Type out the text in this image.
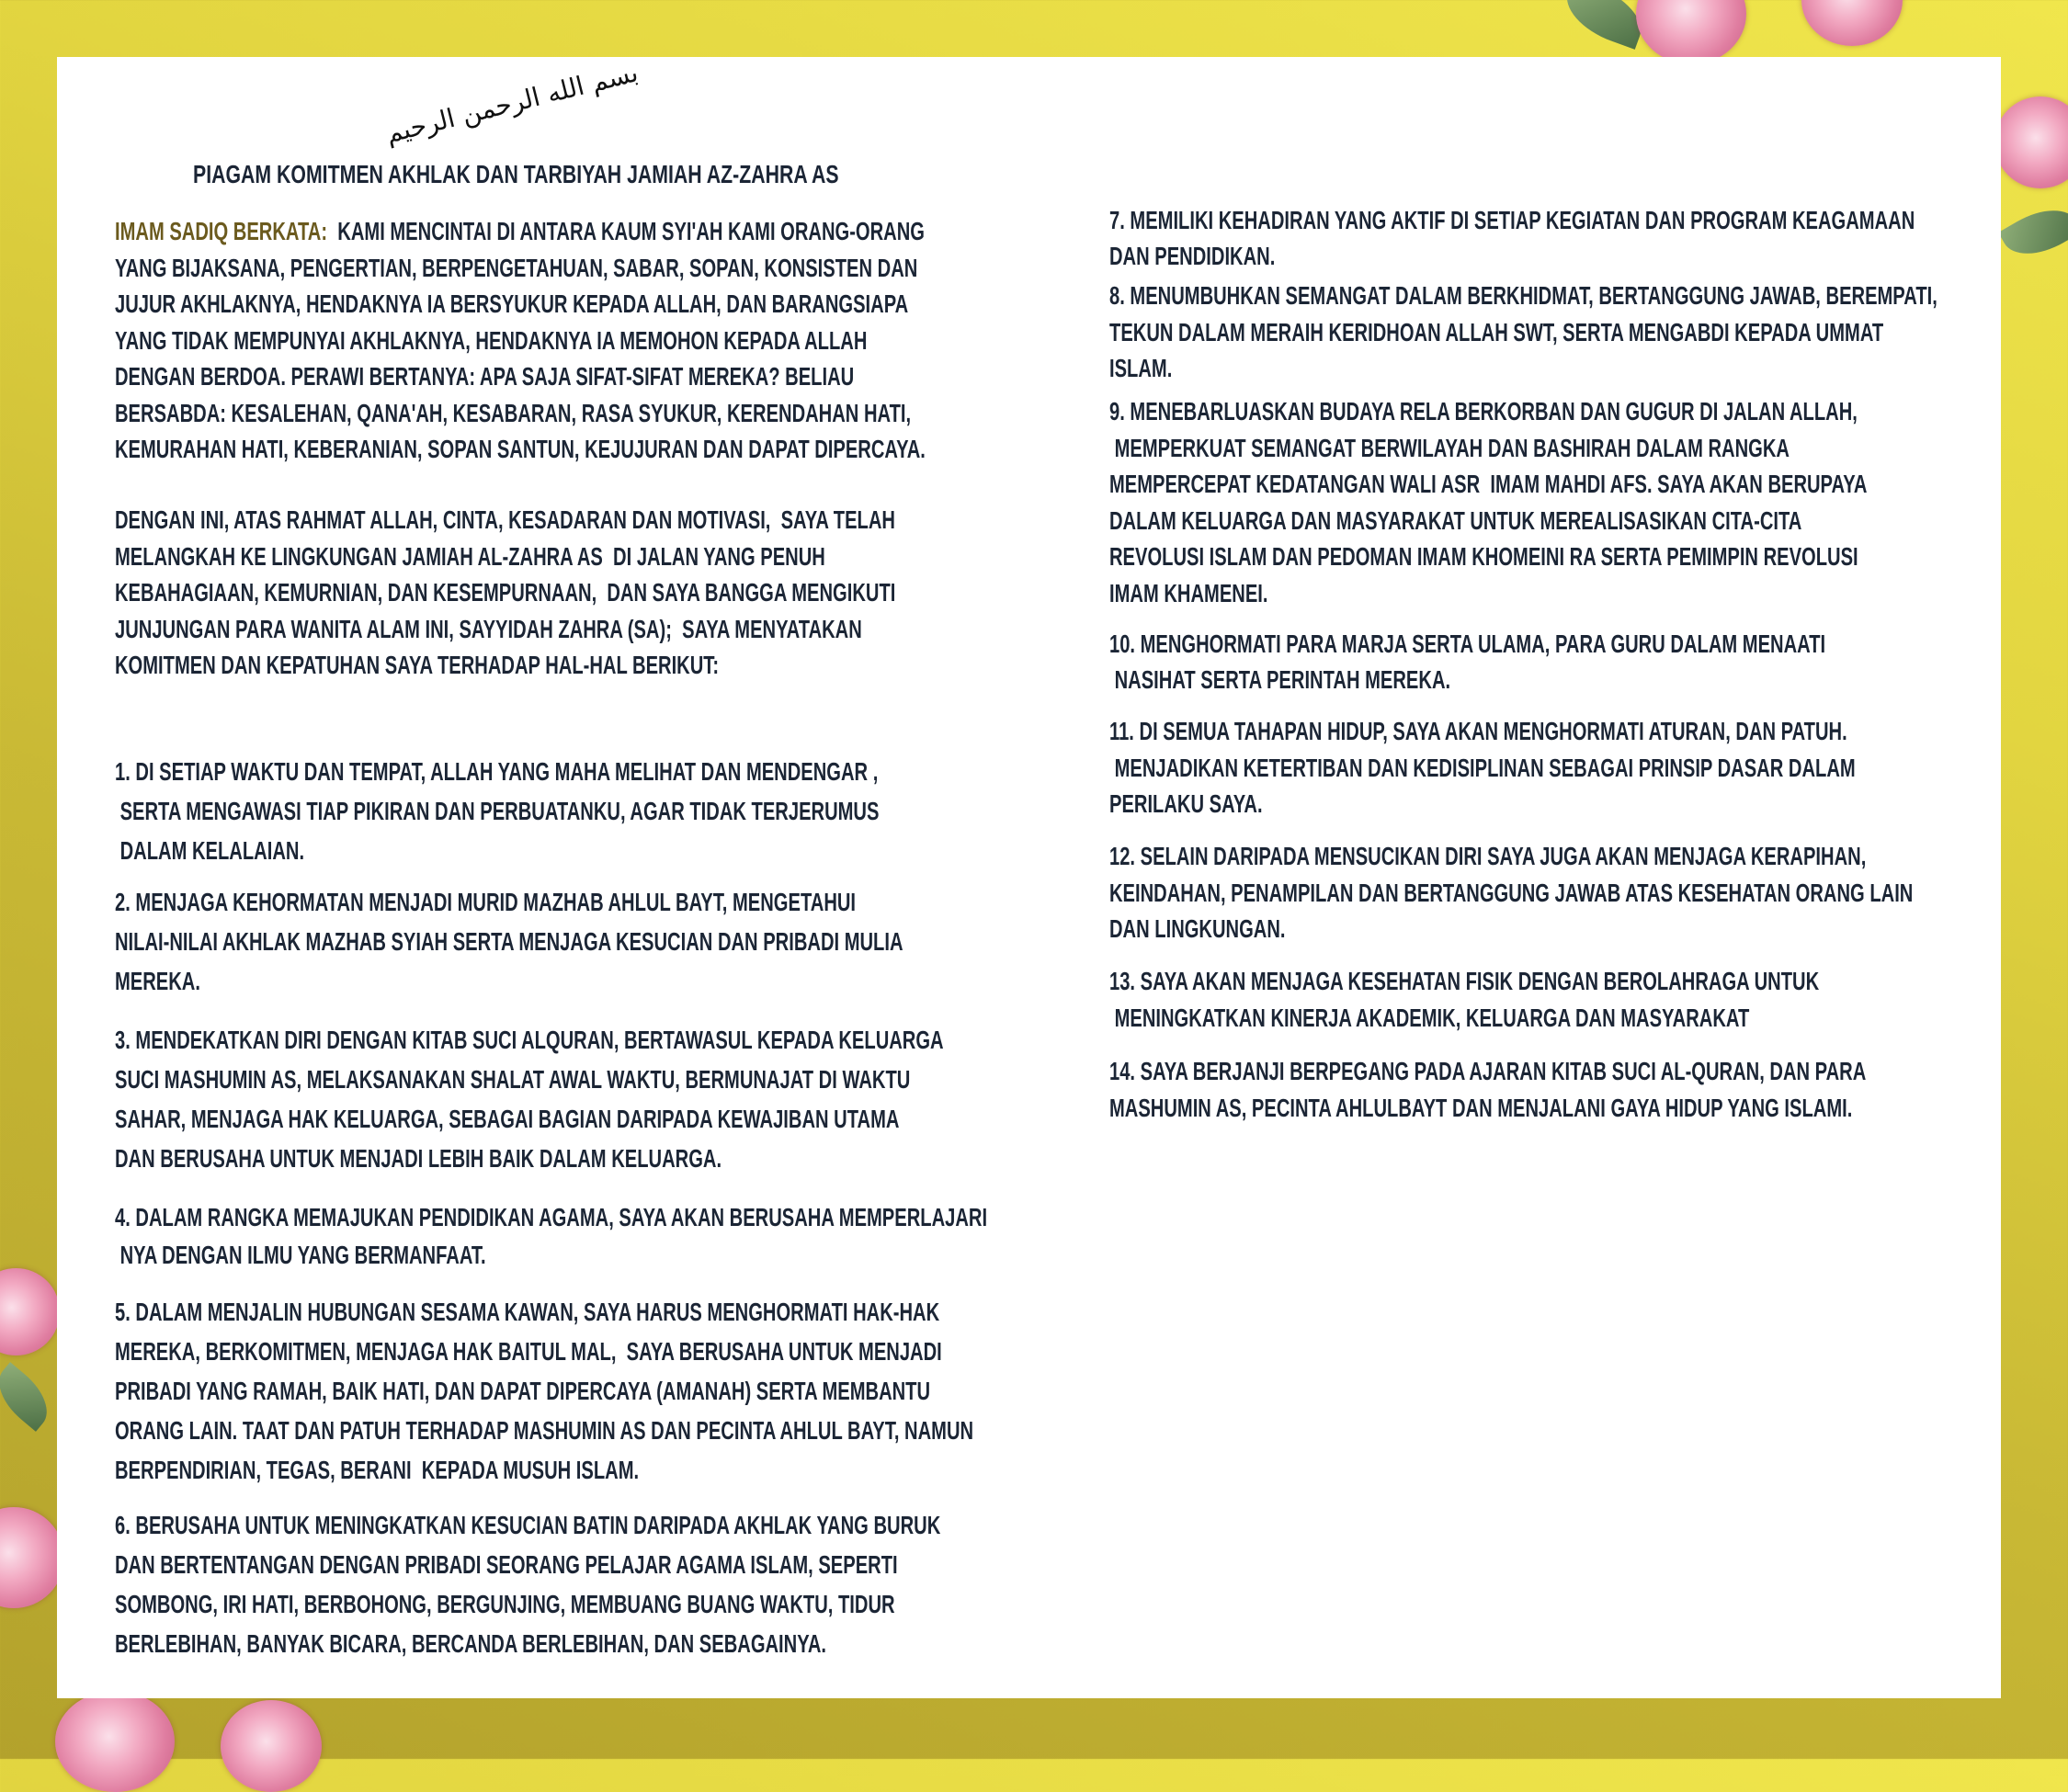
بسم الله الرحمن الرحيم
PIAGAM KOMITMEN AKHLAK DAN TARBIYAH JAMIAH AZ-ZAHRA AS
IMAM SADIQ BERKATA:  KAMI MENCINTAI DI ANTARA KAUM SYI'AH KAMI ORANG-ORANG
YANG BIJAKSANA, PENGERTIAN, BERPENGETAHUAN, SABAR, SOPAN, KONSISTEN DAN
JUJUR AKHLAKNYA, HENDAKNYA IA BERSYUKUR KEPADA ALLAH, DAN BARANGSIAPA
YANG TIDAK MEMPUNYAI AKHLAKNYA, HENDAKNYA IA MEMOHON KEPADA ALLAH
DENGAN BERDOA. PERAWI BERTANYA: APA SAJA SIFAT-SIFAT MEREKA? BELIAU
BERSABDA: KESALEHAN, QANA'AH, KESABARAN, RASA SYUKUR, KERENDAHAN HATI,
KEMURAHAN HATI, KEBERANIAN, SOPAN SANTUN, KEJUJURAN DAN DAPAT DIPERCAYA.
DENGAN INI, ATAS RAHMAT ALLAH, CINTA, KESADARAN DAN MOTIVASI,  SAYA TELAH
MELANGKAH KE LINGKUNGAN JAMIAH AL-ZAHRA AS  DI JALAN YANG PENUH
KEBAHAGIAAN, KEMURNIAN, DAN KESEMPURNAAN,  DAN SAYA BANGGA MENGIKUTI
JUNJUNGAN PARA WANITA ALAM INI, SAYYIDAH ZAHRA (SA);  SAYA MENYATAKAN
KOMITMEN DAN KEPATUHAN SAYA TERHADAP HAL-HAL BERIKUT:
1. DI SETIAP WAKTU DAN TEMPAT, ALLAH YANG MAHA MELIHAT DAN MENDENGAR ,
SERTA MENGAWASI TIAP PIKIRAN DAN PERBUATANKU, AGAR TIDAK TERJERUMUS
DALAM KELALAIAN.
2. MENJAGA KEHORMATAN MENJADI MURID MAZHAB AHLUL BAYT, MENGETAHUI
NILAI-NILAI AKHLAK MAZHAB SYIAH SERTA MENJAGA KESUCIAN DAN PRIBADI MULIA
MEREKA.
3. MENDEKATKAN DIRI DENGAN KITAB SUCI ALQURAN, BERTAWASUL KEPADA KELUARGA
SUCI MASHUMIN AS, MELAKSANAKAN SHALAT AWAL WAKTU, BERMUNAJAT DI WAKTU
SAHAR, MENJAGA HAK KELUARGA, SEBAGAI BAGIAN DARIPADA KEWAJIBAN UTAMA
DAN BERUSAHA UNTUK MENJADI LEBIH BAIK DALAM KELUARGA.
4. DALAM RANGKA MEMAJUKAN PENDIDIKAN AGAMA, SAYA AKAN BERUSAHA MEMPERLAJARI
NYA DENGAN ILMU YANG BERMANFAAT.
5. DALAM MENJALIN HUBUNGAN SESAMA KAWAN, SAYA HARUS MENGHORMATI HAK-HAK
MEREKA, BERKOMITMEN, MENJAGA HAK BAITUL MAL,  SAYA BERUSAHA UNTUK MENJADI
PRIBADI YANG RAMAH, BAIK HATI, DAN DAPAT DIPERCAYA (AMANAH) SERTA MEMBANTU
ORANG LAIN. TAAT DAN PATUH TERHADAP MASHUMIN AS DAN PECINTA AHLUL BAYT, NAMUN
BERPENDIRIAN, TEGAS, BERANI  KEPADA MUSUH ISLAM.
6. BERUSAHA UNTUK MENINGKATKAN KESUCIAN BATIN DARIPADA AKHLAK YANG BURUK
DAN BERTENTANGAN DENGAN PRIBADI SEORANG PELAJAR AGAMA ISLAM, SEPERTI
SOMBONG, IRI HATI, BERBOHONG, BERGUNJING, MEMBUANG BUANG WAKTU, TIDUR
BERLEBIHAN, BANYAK BICARA, BERCANDA BERLEBIHAN, DAN SEBAGAINYA.
7. MEMILIKI KEHADIRAN YANG AKTIF DI SETIAP KEGIATAN DAN PROGRAM KEAGAMAAN
DAN PENDIDIKAN.
8. MENUMBUHKAN SEMANGAT DALAM BERKHIDMAT, BERTANGGUNG JAWAB, BEREMPATI,
TEKUN DALAM MERAIH KERIDHOAN ALLAH SWT, SERTA MENGABDI KEPADA UMMAT
ISLAM.
9. MENEBARLUASKAN BUDAYA RELA BERKORBAN DAN GUGUR DI JALAN ALLAH,
MEMPERKUAT SEMANGAT BERWILAYAH DAN BASHIRAH DALAM RANGKA
MEMPERCEPAT KEDATANGAN WALI ASR  IMAM MAHDI AFS. SAYA AKAN BERUPAYA
DALAM KELUARGA DAN MASYARAKAT UNTUK MEREALISASIKAN CITA-CITA
REVOLUSI ISLAM DAN PEDOMAN IMAM KHOMEINI RA SERTA PEMIMPIN REVOLUSI
IMAM KHAMENEI.
10. MENGHORMATI PARA MARJA SERTA ULAMA, PARA GURU DALAM MENAATI
NASIHAT SERTA PERINTAH MEREKA.
11. DI SEMUA TAHAPAN HIDUP, SAYA AKAN MENGHORMATI ATURAN, DAN PATUH.
MENJADIKAN KETERTIBAN DAN KEDISIPLINAN SEBAGAI PRINSIP DASAR DALAM
PERILAKU SAYA.
12. SELAIN DARIPADA MENSUCIKAN DIRI SAYA JUGA AKAN MENJAGA KERAPIHAN,
KEINDAHAN, PENAMPILAN DAN BERTANGGUNG JAWAB ATAS KESEHATAN ORANG LAIN
DAN LINGKUNGAN.
13. SAYA AKAN MENJAGA KESEHATAN FISIK DENGAN BEROLAHRAGA UNTUK
MENINGKATKAN KINERJA AKADEMIK, KELUARGA DAN MASYARAKAT
14. SAYA BERJANJI BERPEGANG PADA AJARAN KITAB SUCI AL-QURAN, DAN PARA
MASHUMIN AS, PECINTA AHLULBAYT DAN MENJALANI GAYA HIDUP YANG ISLAMI.
